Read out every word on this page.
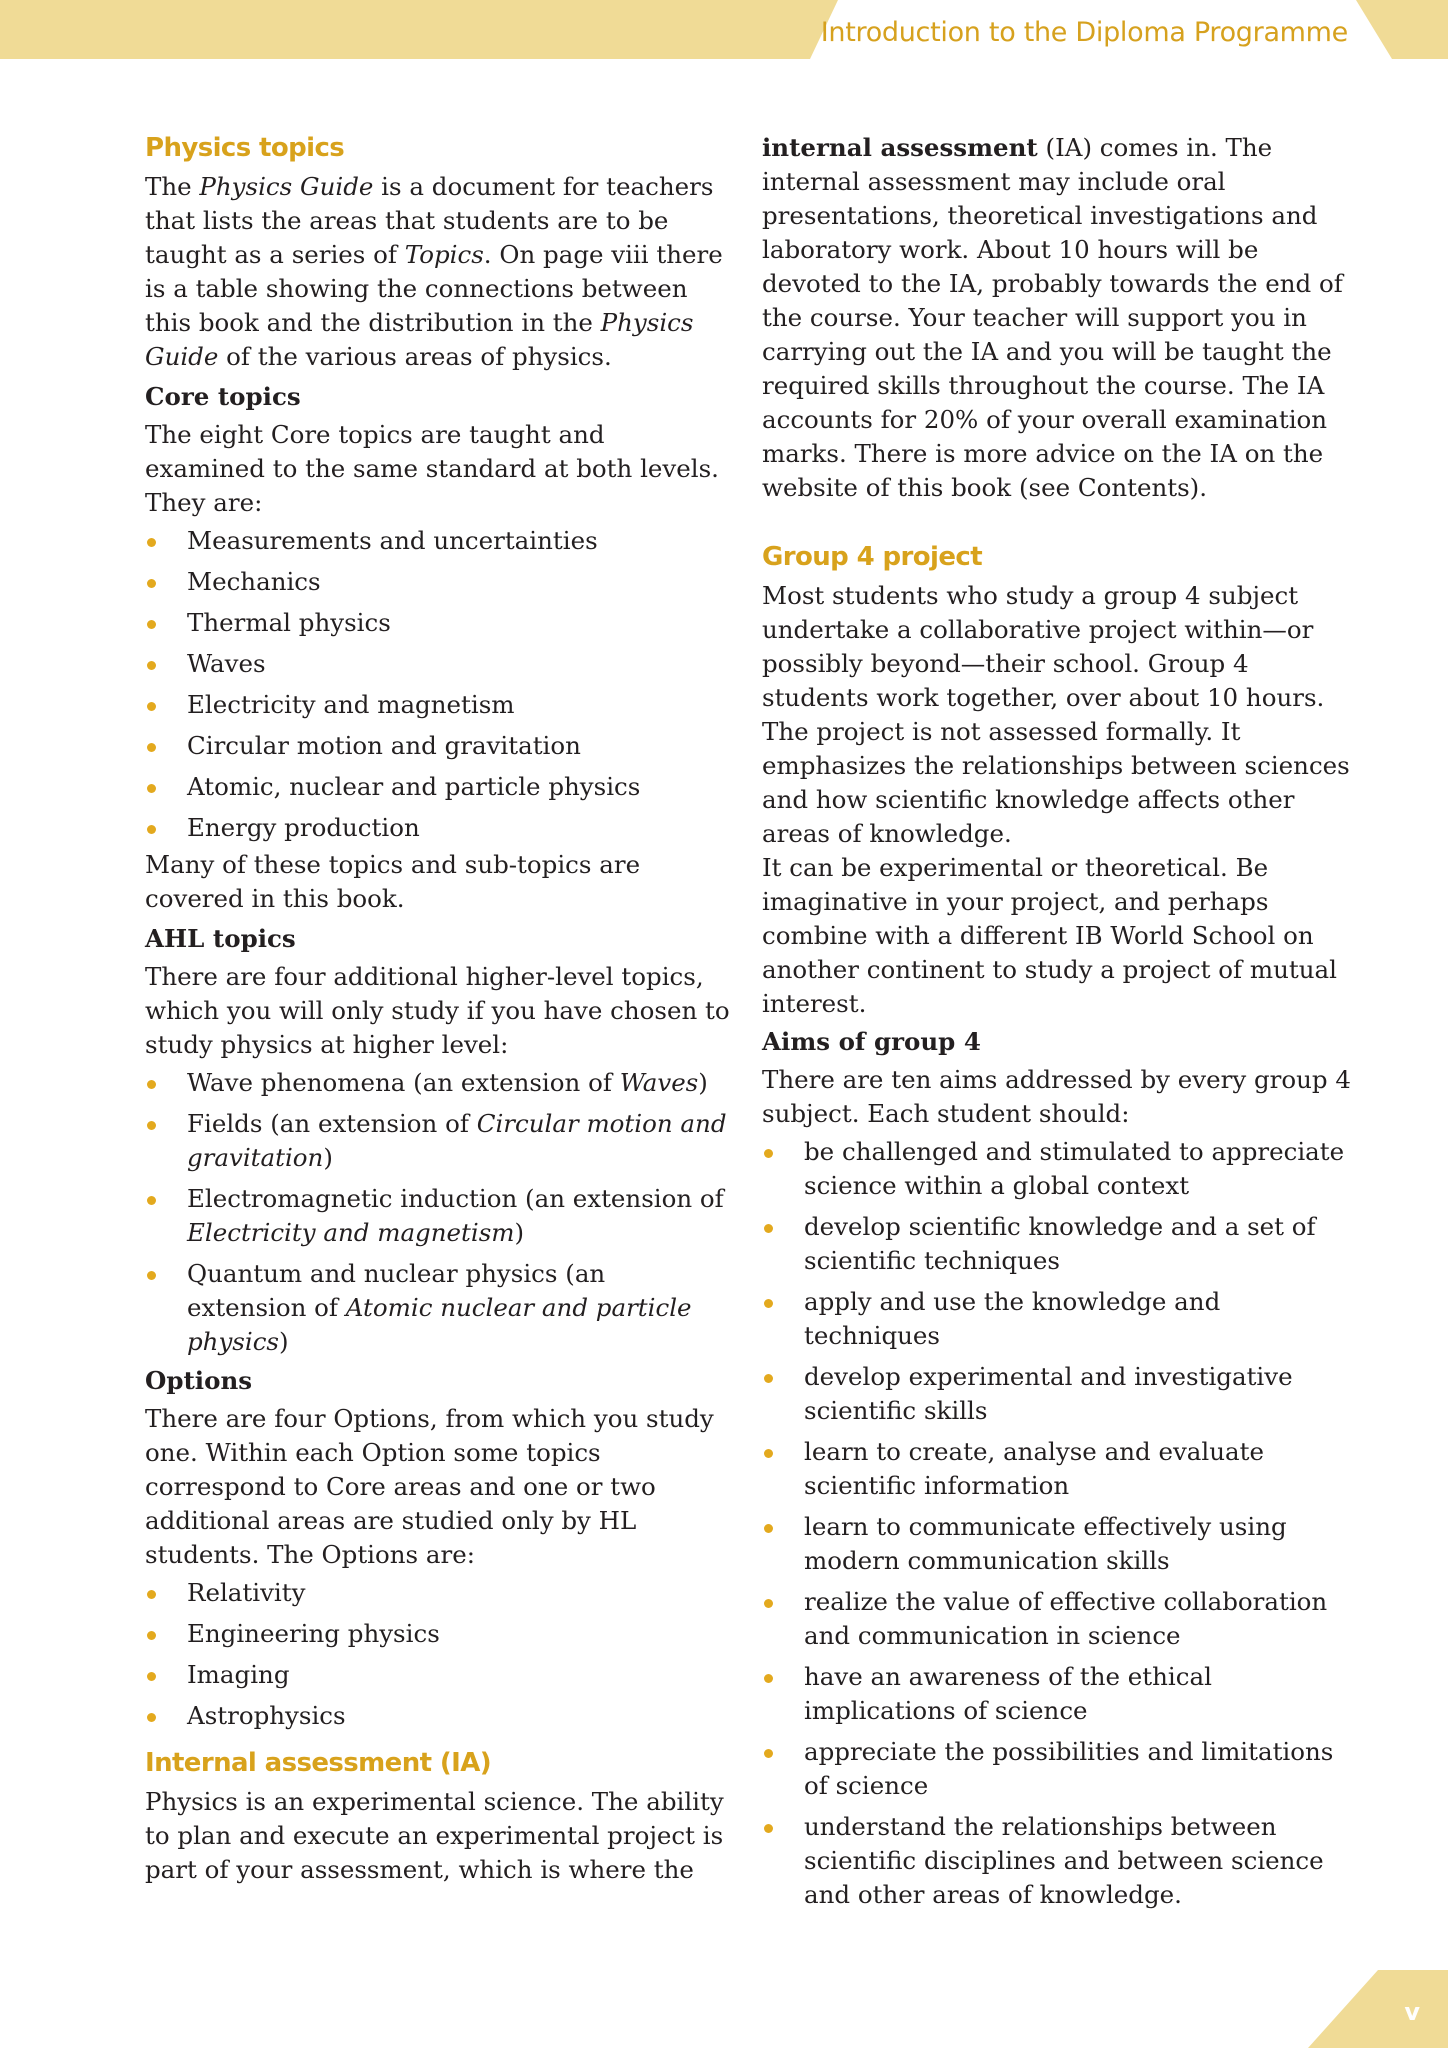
Introduction to the Diploma Programme
Physics topics

The Physics Guide is a document for teachers that lists the areas that students are to be taught as a series of Topics. On page viii there is a table showing the connections between this book and the distribution in the Physics Guide of the various areas of physics.

Core topics

The eight Core topics are taught and examined to the same standard at both levels. They are:

Measurements and uncertainties
Mechanics
Thermal physics
Waves
Electricity and magnetism
Circular motion and gravitation
Atomic, nuclear and particle physics
Energy production

Many of these topics and sub-topics are covered in this book.

AHL topics

There are four additional higher-level topics, which you will only study if you have chosen to study physics at higher level:

Wave phenomena (an extension of Waves)
Fields (an extension of Circular motion and gravitation)
Electromagnetic induction (an extension of Electricity and magnetism)
Quantum and nuclear physics (an extension of Atomic nuclear and particle physics)
Options

There are four Options, from which you study one. Within each Option some topics correspond to Core areas and one or two additional areas are studied only by HL students. The Options are:

Relativity
Engineering physics
Imaging
Astrophysics
Internal assessment (IA)

Physics is an experimental science. The ability to plan and execute an experimental project is part of your assessment, which is where the

internal assessment (IA) comes in. The internal assessment may include oral presentations, theoretical investigations and laboratory work. About 10 hours will be devoted to the IA, probably towards the end of the course. Your teacher will support you in carrying out the IA and you will be taught the required skills throughout the course. The IA accounts for 20% of your overall examination marks. There is more advice on the IA on the website of this book (see Contents).

Group 4 project

Most students who study a group 4 subject undertake a collaborative project within—or possibly beyond—their school. Group 4 students work together, over about 10 hours. The project is not assessed formally. It emphasizes the relationships between sciences and how scientific knowledge affects other areas of knowledge.

It can be experimental or theoretical. Be imaginative in your project, and perhaps combine with a different IB World School on another continent to study a project of mutual interest.

Aims of group 4

There are ten aims addressed by every group 4 subject. Each student should:

be challenged and stimulated to appreciate science within a global context
develop scientific knowledge and a set of scientific techniques
apply and use the knowledge and techniques
develop experimental and investigative scientific skills
learn to create, analyse and evaluate scientific information
learn to communicate effectively using modern communication skills
realize the value of effective collaboration and communication in science
have an awareness of the ethical implications of science
appreciate the possibilities and limitations of science
understand the relationships between scientific disciplines and between science and other areas of knowledge.
v
